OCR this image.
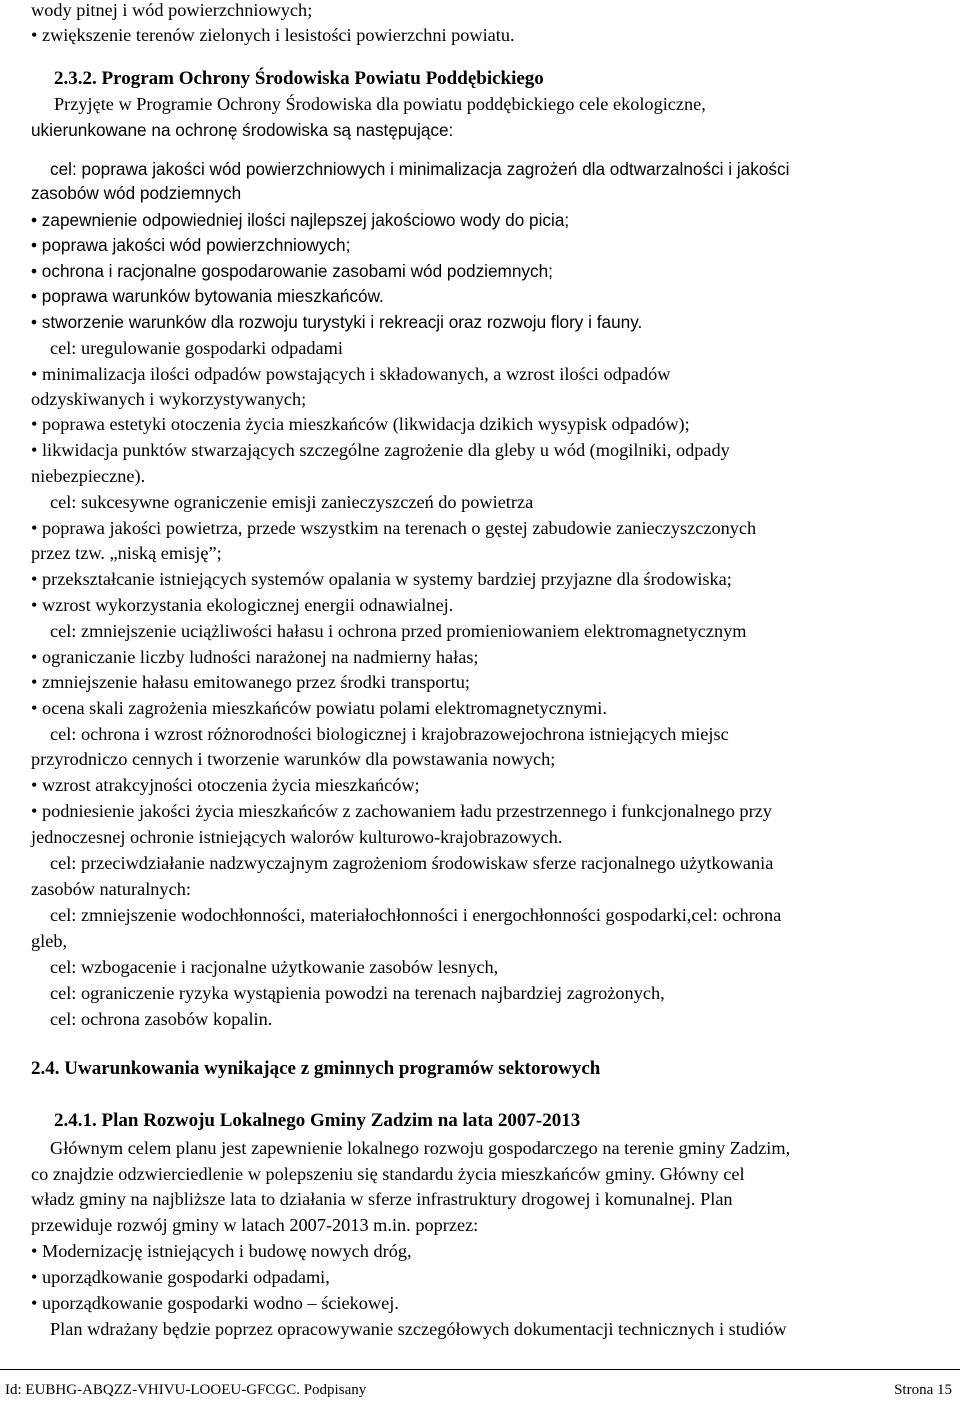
wody pitnej i wód powierzchniowych;
• zwiększenie terenów zielonych i lesistości powierzchni powiatu.
2.3.2. Program Ochrony Środowiska Powiatu Poddębickiego
Przyjęte w Programie Ochrony Środowiska dla powiatu poddębickiego cele ekologiczne,
ukierunkowane na ochronę środowiska są następujące:
cel: poprawa jakości wód powierzchniowych i minimalizacja zagrożeń dla odtwarzalności i jakości
zasobów wód podziemnych
• zapewnienie odpowiedniej ilości najlepszej jakościowo wody do picia;
• poprawa jakości wód powierzchniowych;
• ochrona i racjonalne gospodarowanie zasobami wód podziemnych;
• poprawa warunków bytowania mieszkańców.
• stworzenie warunków dla rozwoju turystyki i rekreacji oraz rozwoju flory i fauny.
cel: uregulowanie gospodarki odpadami
• minimalizacja ilości odpadów powstających i składowanych, a wzrost ilości odpadów
odzyskiwanych i wykorzystywanych;
• poprawa estetyki otoczenia życia mieszkańców (likwidacja dzikich wysypisk odpadów);
• likwidacja punktów stwarzających szczególne zagrożenie dla gleby u wód (mogilniki, odpady
niebezpieczne).
cel: sukcesywne ograniczenie emisji zanieczyszczeń do powietrza
• poprawa jakości powietrza, przede wszystkim na terenach o gęstej zabudowie zanieczyszczonych
przez tzw. „niską emisję”;
• przekształcanie istniejących systemów opalania w systemy bardziej przyjazne dla środowiska;
• wzrost wykorzystania ekologicznej energii odnawialnej.
cel: zmniejszenie uciążliwości hałasu i ochrona przed promieniowaniem elektromagnetycznym
• ograniczanie liczby ludności narażonej na nadmierny hałas;
• zmniejszenie hałasu emitowanego przez środki transportu;
• ocena skali zagrożenia mieszkańców powiatu polami elektromagnetycznymi.
cel: ochrona i wzrost różnorodności biologicznej i krajobrazowejochrona istniejących miejsc
przyrodniczo cennych i tworzenie warunków dla powstawania nowych;
• wzrost atrakcyjności otoczenia życia mieszkańców;
• podniesienie jakości życia mieszkańców z zachowaniem ładu przestrzennego i funkcjonalnego przy
jednoczesnej ochronie istniejących walorów kulturowo-krajobrazowych.
cel: przeciwdziałanie nadzwyczajnym zagrożeniom środowiskaw sferze racjonalnego użytkowania
zasobów naturalnych:
cel: zmniejszenie wodochłonności, materiałochłonności i energochłonności gospodarki,cel: ochrona
gleb,
cel: wzbogacenie i racjonalne użytkowanie zasobów lesnych,
cel: ograniczenie ryzyka wystąpienia powodzi na terenach najbardziej zagrożonych,
cel: ochrona zasobów kopalin.
2.4. Uwarunkowania wynikające z gminnych programów sektorowych
2.4.1. Plan Rozwoju Lokalnego Gminy Zadzim na lata 2007-2013
Głównym celem planu jest zapewnienie lokalnego rozwoju gospodarczego na terenie gminy Zadzim,
co znajdzie odzwierciedlenie w polepszeniu się standardu życia mieszkańców gminy. Główny cel
władz gminy na najbliższe lata to działania w sferze infrastruktury drogowej i komunalnej. Plan
przewiduje rozwój gminy w latach 2007-2013 m.in. poprzez:
• Modernizację istniejących i budowę nowych dróg,
• uporządkowanie gospodarki odpadami,
• uporządkowanie gospodarki wodno – ściekowej.
Plan wdrażany będzie poprzez opracowywanie szczegółowych dokumentacji technicznych i studiów
Id: EUBHG-ABQZZ-VHIVU-LOOEU-GFCGC. Podpisany	Strona 15
